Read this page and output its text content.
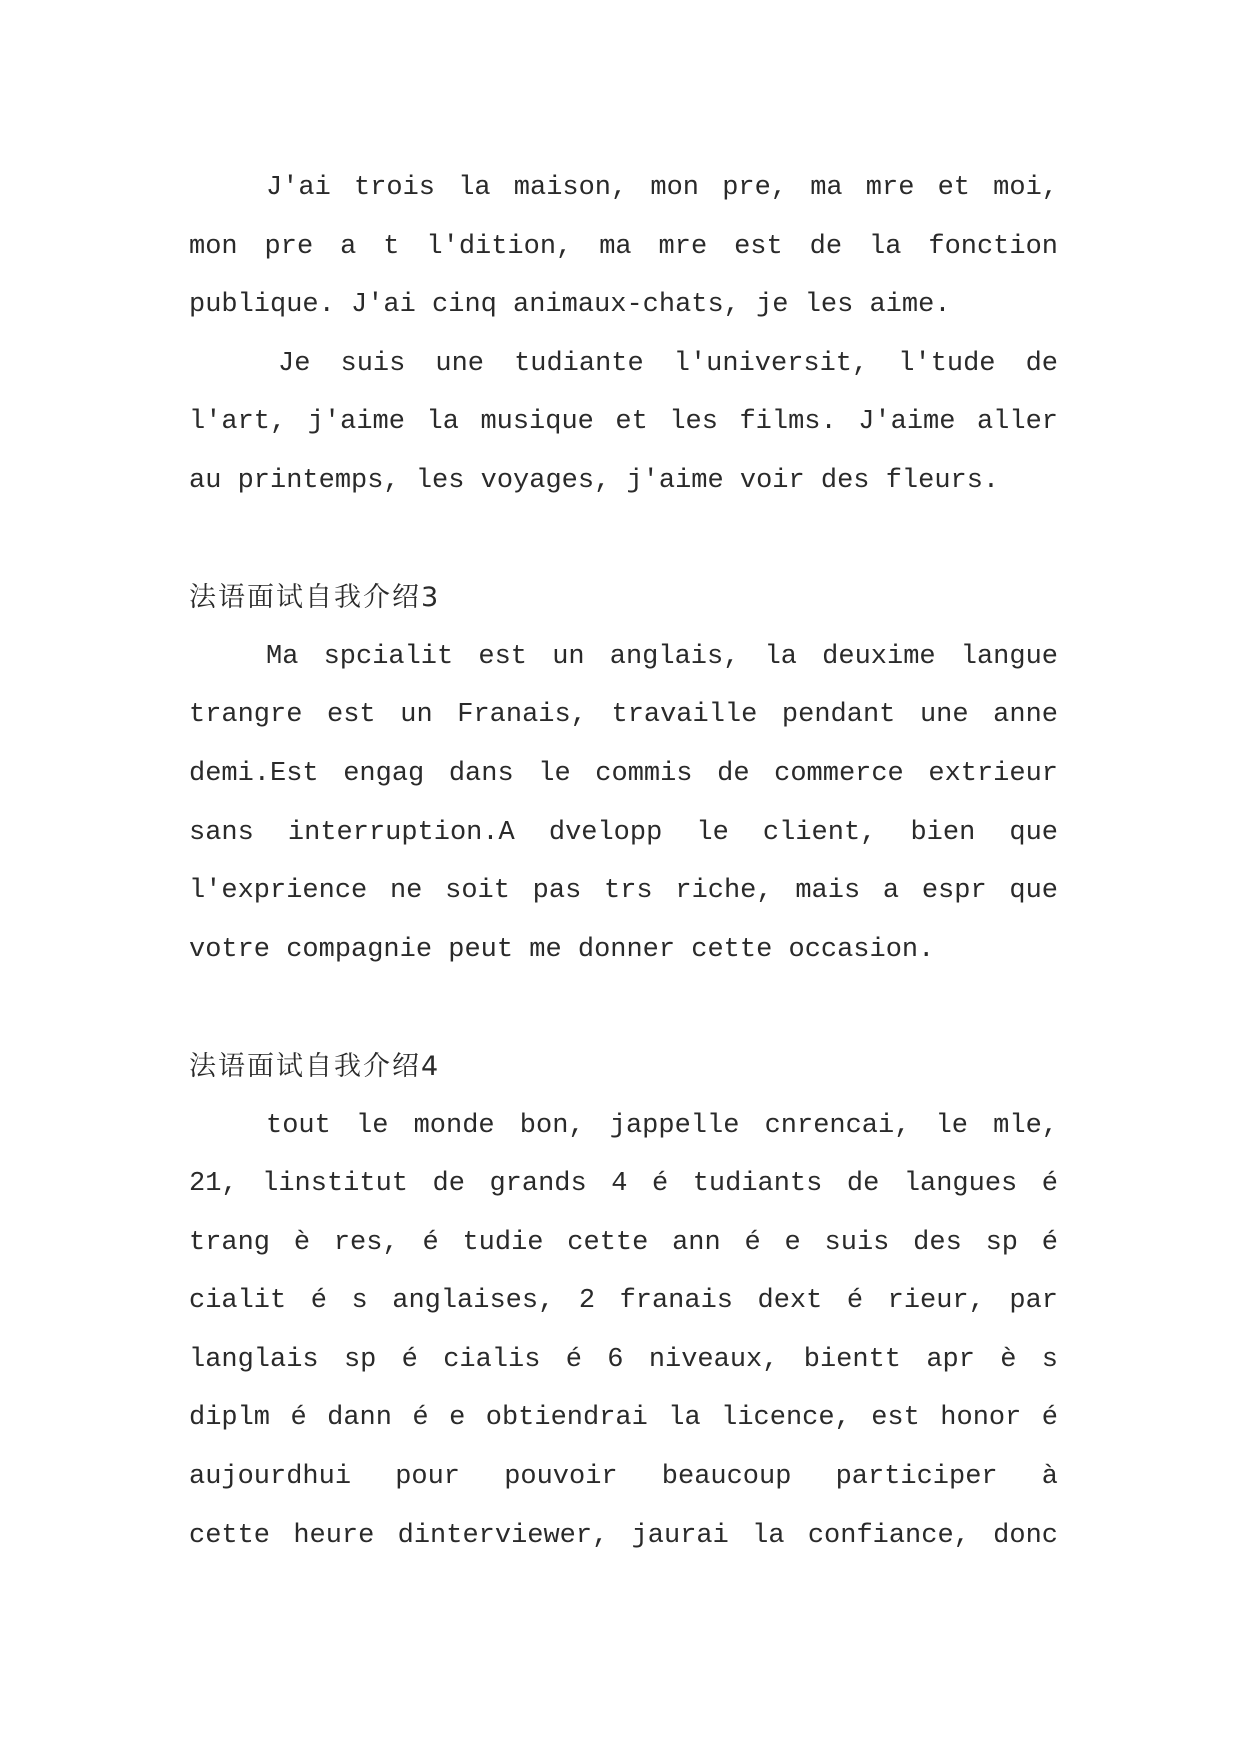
J'ai trois la maison, mon pre, ma mre et moi,
mon pre a t l'dition, ma mre est de la fonction
publique. J'ai cinq animaux-chats, je les aime.
Je suis une tudiante l'universit, l'tude de
l'art, j'aime la musique et les films. J'aime aller
au printemps, les voyages, j'aime voir des fleurs.
法语面试自我介绍3
Ma spcialit est un anglais, la deuxime langue
trangre est un Franais, travaille pendant une anne
demi.Est engag dans le commis de commerce extrieur
sans interruption.A dvelopp le client, bien que
l'exprience ne soit pas trs riche, mais a espr que
votre compagnie peut me donner cette occasion.
法语面试自我介绍4
tout le monde bon, jappelle cnrencai, le mle,
21, linstitut de grands 4 é tudiants de langues é
trang è res, é tudie cette ann é e suis des sp é
cialit é s anglaises, 2 franais dext é rieur, par
langlais sp é cialis é 6 niveaux, bientt apr è s
diplm é dann é e obtiendrai la licence, est honor é
aujourdhui pour pouvoir beaucoup participer à
cette heure dinterviewer, jaurai la confiance, donc
